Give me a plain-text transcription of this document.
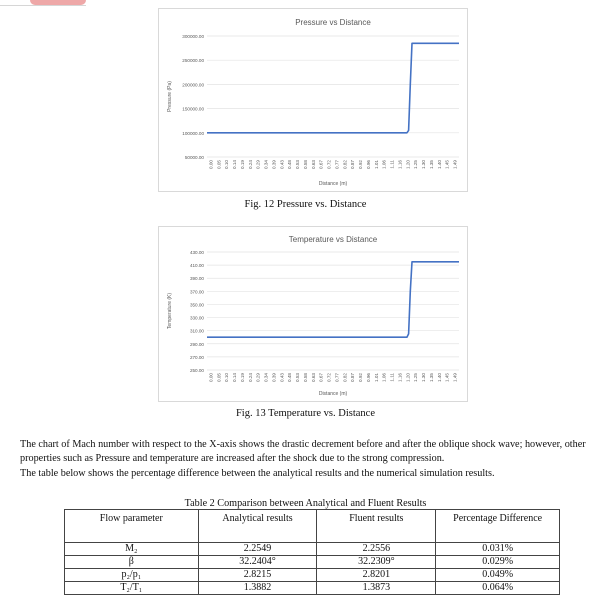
Pressure vs Distance
50000.00
100000.00
150000.00
200000.00
250000.00
300000.00
0.00 0.05 0.10 0.14 0.19 0.24 0.29 0.34 0.39 0.43 0.48 0.53 0.58 0.63 0.67 0.72 0.77 0.82 0.87 0.92 0.96 1.01 1.06 1.11 1.16 1.20 1.25 1.30 1.35 1.40 1.45 1.49
Distance (m)
Pressure (Pa)
Fig. 12 Pressure vs. Distance
Temperature vs Distance
250.00
270.00
290.00
310.00
330.00
350.00
370.00
390.00
410.00
430.00
0.00 0.05 0.10 0.14 0.19 0.24 0.29 0.34 0.39 0.43 0.48 0.53 0.58 0.63 0.67 0.72 0.77 0.82 0.87 0.92 0.96 1.01 1.06 1.11 1.16 1.20 1.25 1.30 1.35 1.40 1.45 1.49
Distance (m)
Temperature (K)
Fig. 13 Temperature vs. Distance
The chart of Mach number with respect to the X-axis shows the drastic decrement before and after the oblique shock wave; however, other properties such as Pressure and temperature are increased after the shock due to the strong compression.
The table below shows the percentage difference between the analytical results and the numerical simulation results.
Table 2 Comparison between Analytical and Fluent Results
Flow parameter	Analytical results	Fluent results	Percentage Difference
M₂	2.2549	2.2556	0.031%
β	32.2404°	32.2309°	0.029%
p₂/p₁	2.8215	2.8201	0.049%
T₂/T₁	1.3882	1.3873	0.064%
